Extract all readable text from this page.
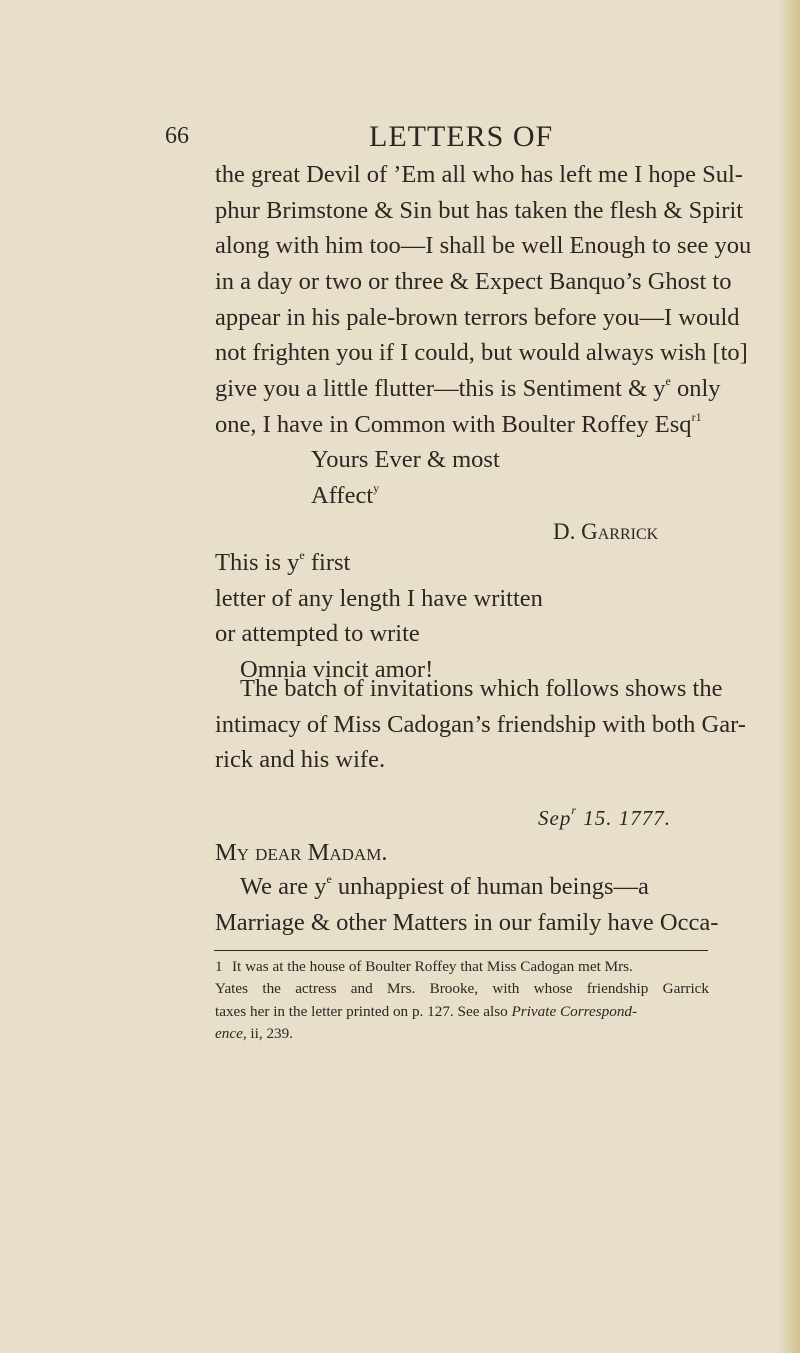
66	LETTERS OF
the great Devil of ’Em all who has left me I hope Sul-
phur Brimstone & Sin but has taken the flesh & Spirit
along with him too—I shall be well Enough to see you
in a day or two or three & Expect Banquo’s Ghost to
appear in his pale-brown terrors before you—I would
not frighten you if I could, but would always wish [to]
give you a little flutter—this is Sentiment & $y^e$ only
one, I have in Common with Boulter Roffey Esq$^{r1}$
Yours Ever & most
Affect$^y$
D. Garrick
This is $y^e$ first
letter of any length I have written
or attempted to write
Omnia vincit amor!
The batch of invitations which follows shows the
intimacy of Miss Cadogan’s friendship with both Gar-
rick and his wife.
Sep$^r$ 15. 1777.
My dear Madam.
We are $y^e$ unhappiest of human beings—a
Marriage & other Matters in our family have Occa-
1 It was at the house of Boulter Roffey that Miss Cadogan met Mrs.
Yates the actress and Mrs. Brooke, with whose friendship Garrick
taxes her in the letter printed on p. 127. See also Private Correspond-
ence, ii, 239.
